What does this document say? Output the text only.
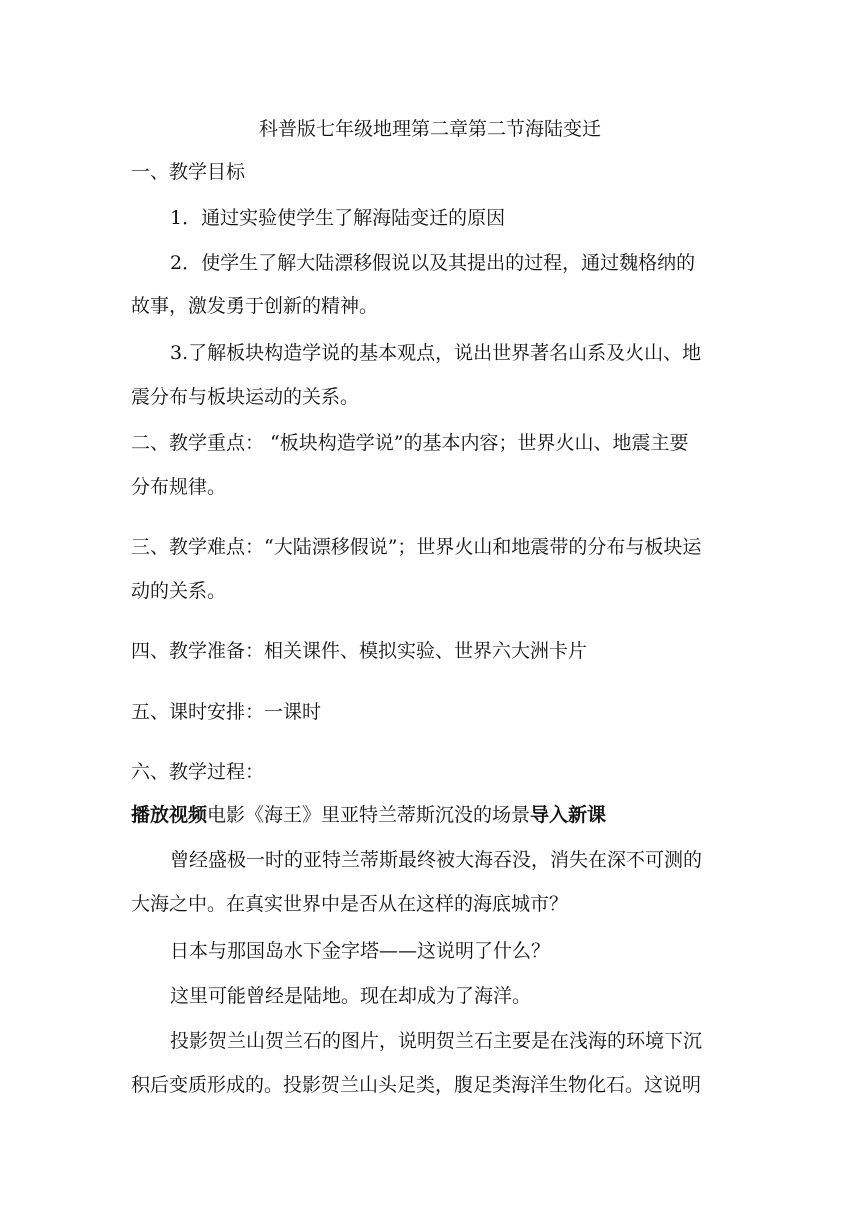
科普版七年级地理第二章第二节海陆变迁
一、教学目标
1．通过实验使学生了解海陆变迁的原因
2．使学生了解大陆漂移假说以及其提出的过程，通过魏格纳的
故事，激发勇于创新的精神。
3.了解板块构造学说的基本观点，说出世界著名山系及火山、地
震分布与板块运动的关系。
二、教学重点： “板块构造学说”的基本内容；世界火山、地震主要
分布规律。
三、教学难点：“大陆漂移假说”；世界火山和地震带的分布与板块运
动的关系。
四、教学准备：相关课件、模拟实验、世界六大洲卡片
五、课时安排：一课时
六、教学过程：
播放视频电影《海王》里亚特兰蒂斯沉没的场景导入新课
曾经盛极一时的亚特兰蒂斯最终被大海吞没，消失在深不可测的
大海之中。在真实世界中是否从在这样的海底城市？
日本与那国岛水下金字塔——这说明了什么？
这里可能曾经是陆地。现在却成为了海洋。
投影贺兰山贺兰石的图片，说明贺兰石主要是在浅海的环境下沉
积后变质形成的。投影贺兰山头足类，腹足类海洋生物化石。这说明
